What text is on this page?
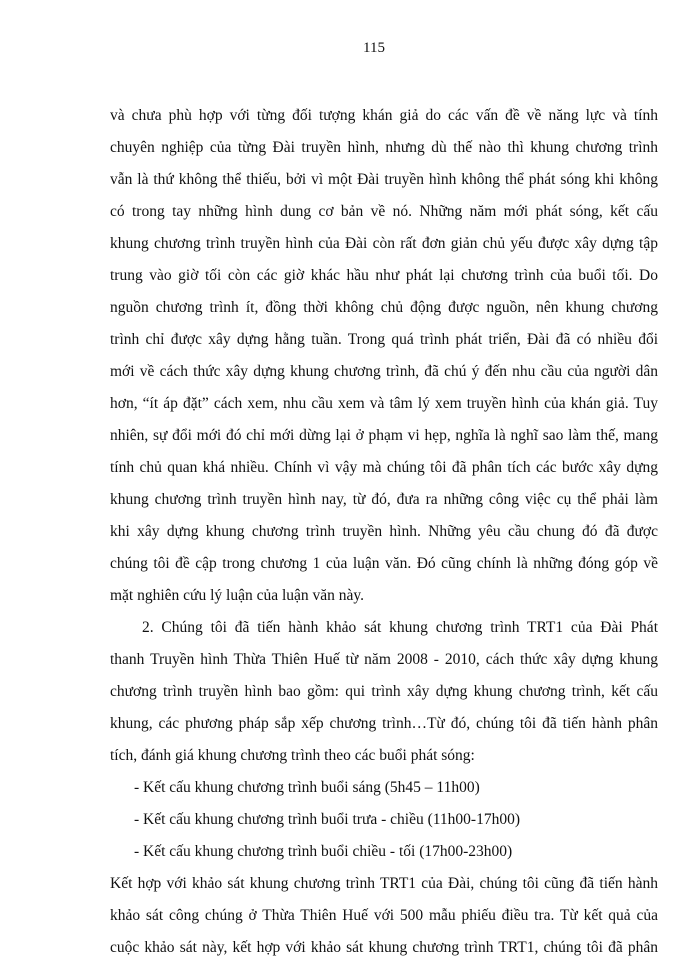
115
và chưa phù hợp với từng đối tượng khán giả do các vấn đề về năng lực và tính
chuyên nghiệp của từng Đài truyền hình, nhưng dù thế nào thì khung chương trình
vẫn là thứ không thể thiếu, bởi vì một Đài truyền hình không thể phát sóng khi không
có trong tay những hình dung cơ bản về nó. Những năm mới phát sóng, kết cấu
khung chương trình truyền hình của Đài còn rất đơn giản chủ yếu được xây dựng tập
trung vào giờ tối còn các giờ khác hầu như phát lại chương trình của buổi tối. Do
nguồn chương trình ít, đồng thời không chủ động được nguồn, nên khung chương
trình chỉ được xây dựng hằng tuần. Trong quá trình phát triển, Đài đã có nhiều đổi
mới về cách thức xây dựng khung chương trình, đã chú ý đến nhu cầu của người dân
hơn, “ít áp đặt” cách xem, nhu cầu xem và tâm lý xem truyền hình của khán giả. Tuy
nhiên, sự đổi mới đó chỉ mới dừng lại ở phạm vi hẹp, nghĩa là nghĩ sao làm thế, mang
tính chủ quan khá nhiều. Chính vì vậy mà chúng tôi đã phân tích các bước xây dựng
khung chương trình truyền hình nay, từ đó, đưa ra những công việc cụ thể phải làm
khi xây dựng khung chương trình truyền hình. Những yêu cầu chung đó đã được
chúng tôi đề cập trong chương 1 của luận văn. Đó cũng chính là những đóng góp về
mặt nghiên cứu lý luận của luận văn này.
2. Chúng tôi đã tiến hành khảo sát khung chương trình TRT1 của Đài Phát
thanh Truyền hình Thừa Thiên Huế từ năm 2008 - 2010, cách thức xây dựng khung
chương trình truyền hình bao gồm: qui trình xây dựng khung chương trình, kết cấu
khung, các phương pháp sắp xếp chương trình…Từ đó, chúng tôi đã tiến hành phân
tích, đánh giá khung chương trình theo các buổi phát sóng:
- Kết cấu khung chương trình buổi sáng (5h45 – 11h00)
- Kết cấu khung chương trình buổi trưa - chiều (11h00-17h00)
- Kết cấu khung chương trình buổi chiều - tối (17h00-23h00)
Kết hợp với khảo sát khung chương trình TRT1 của Đài, chúng tôi cũng đã tiến hành
khảo sát công chúng ở Thừa Thiên Huế với 500 mẫu phiếu điều tra. Từ kết quả của
cuộc khảo sát này, kết hợp với khảo sát khung chương trình TRT1, chúng tôi đã phân
